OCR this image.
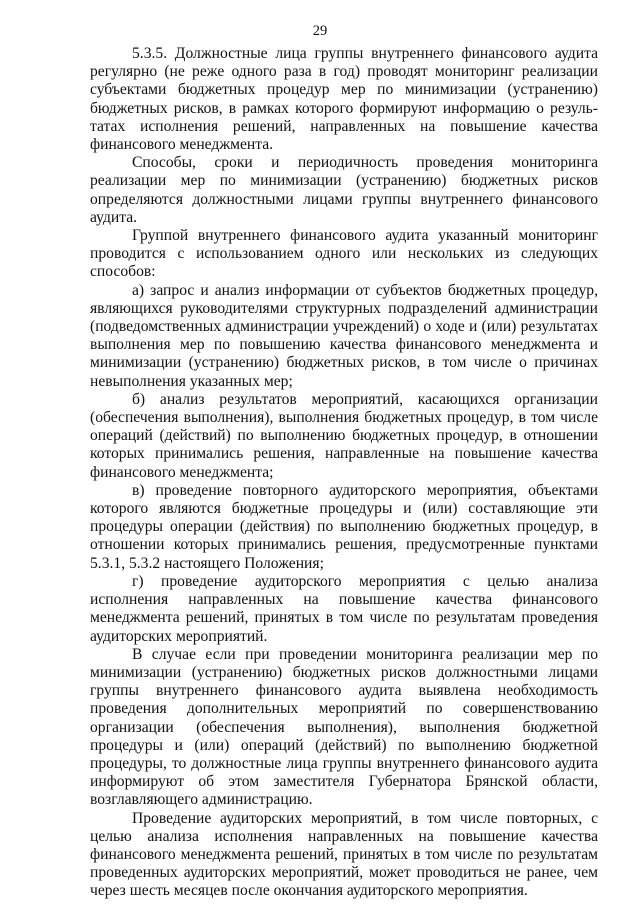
29

5.3.5. Должностные лица группы внутреннего финансового аудита регулярно (не реже одного раза в год) проводят мониторинг реализации субъектами бюджетных процедур мер по минимизации (устранению) бюджетных рисков, в рамках которого формируют информацию о резуль-татах исполнения решений, направленных на повышение качества финансового менеджмента.

Способы, сроки и периодичность проведения мониторинга реализации мер по минимизации (устранению) бюджетных рисков определяются должностными лицами группы внутреннего финансового аудита.

Группой внутреннего финансового аудита указанный мониторинг проводится с использованием одного или нескольких из следующих способов:

а) запрос и анализ информации от субъектов бюджетных процедур, являющихся руководителями структурных подразделений администрации (подведомственных администрации учреждений) о ходе и (или) результатах выполнения мер по повышению качества финансового менеджмента и минимизации (устранению) бюджетных рисков, в том числе о причинах невыполнения указанных мер;

б) анализ результатов мероприятий, касающихся организации (обеспечения выполнения), выполнения бюджетных процедур, в том числе операций (действий) по выполнению бюджетных процедур, в отношении которых принимались решения, направленные на повышение качества финансового менеджмента;

в) проведение повторного аудиторского мероприятия, объектами которого являются бюджетные процедуры и (или) составляющие эти процедуры операции (действия) по выполнению бюджетных процедур, в отношении которых принимались решения, предусмотренные пунктами 5.3.1, 5.3.2 настоящего Положения;

г) проведение аудиторского мероприятия с целью анализа исполнения направленных на повышение качества финансового менеджмента решений, принятых в том числе по результатам проведения аудиторских мероприятий.

В случае если при проведении мониторинга реализации мер по минимизации (устранению) бюджетных рисков должностными лицами группы внутреннего финансового аудита выявлена необходимость проведения дополнительных мероприятий по совершенствованию организации (обеспечения выполнения), выполнения бюджетной процедуры и (или) операций (действий) по выполнению бюджетной процедуры, то должностные лица группы внутреннего финансового аудита информируют об этом заместителя Губернатора Брянской области, возглавляющего администрацию.

Проведение аудиторских мероприятий, в том числе повторных, с целью анализа исполнения направленных на повышение качества финансового менеджмента решений, принятых в том числе по результатам проведенных аудиторских мероприятий, может проводиться не ранее, чем через шесть месяцев после окончания аудиторского мероприятия.
